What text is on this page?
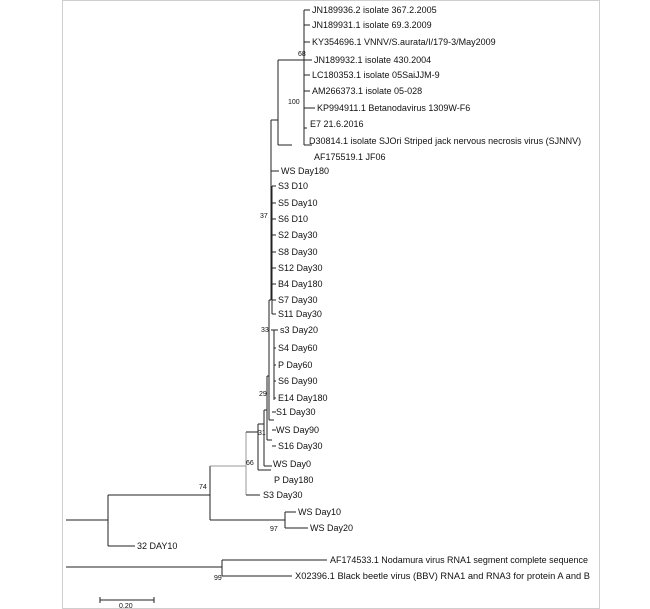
JN189936.2 isolate 367.2.2005
JN189931.1 isolate 69.3.2009
KY354696.1 VNNV/S.aurata/I/179-3/May2009
JN189932.1 isolate 430.2004
LC180353.1 isolate 05SaiJJM-9
AM266373.1 isolate 05-028
KP994911.1 Betanodavirus 1309W-F6
E7 21.6.2016
D30814.1 isolate SJOri Striped jack nervous necrosis virus (SJNNV)
AF175519.1 JF06
WS Day180
S3 D10
S5 Day10
S6 D10
S2 Day30
S8 Day30
S12 Day30
B4 Day180
S7 Day30
S11 Day30
s3 Day20
S4 Day60
P Day60
S6 Day90
E14 Day180
S1 Day30
WS Day90
S16 Day30
WS Day0
P Day180
S3 Day30
WS Day10
WS Day20
32 DAY10
AF174533.1 Nodamura virus RNA1 segment complete sequence
X02396.1 Black beetle virus (BBV) RNA1 and RNA3 for protein A and B
68
100
37
33
29
31
66
74
97
99
0.20
